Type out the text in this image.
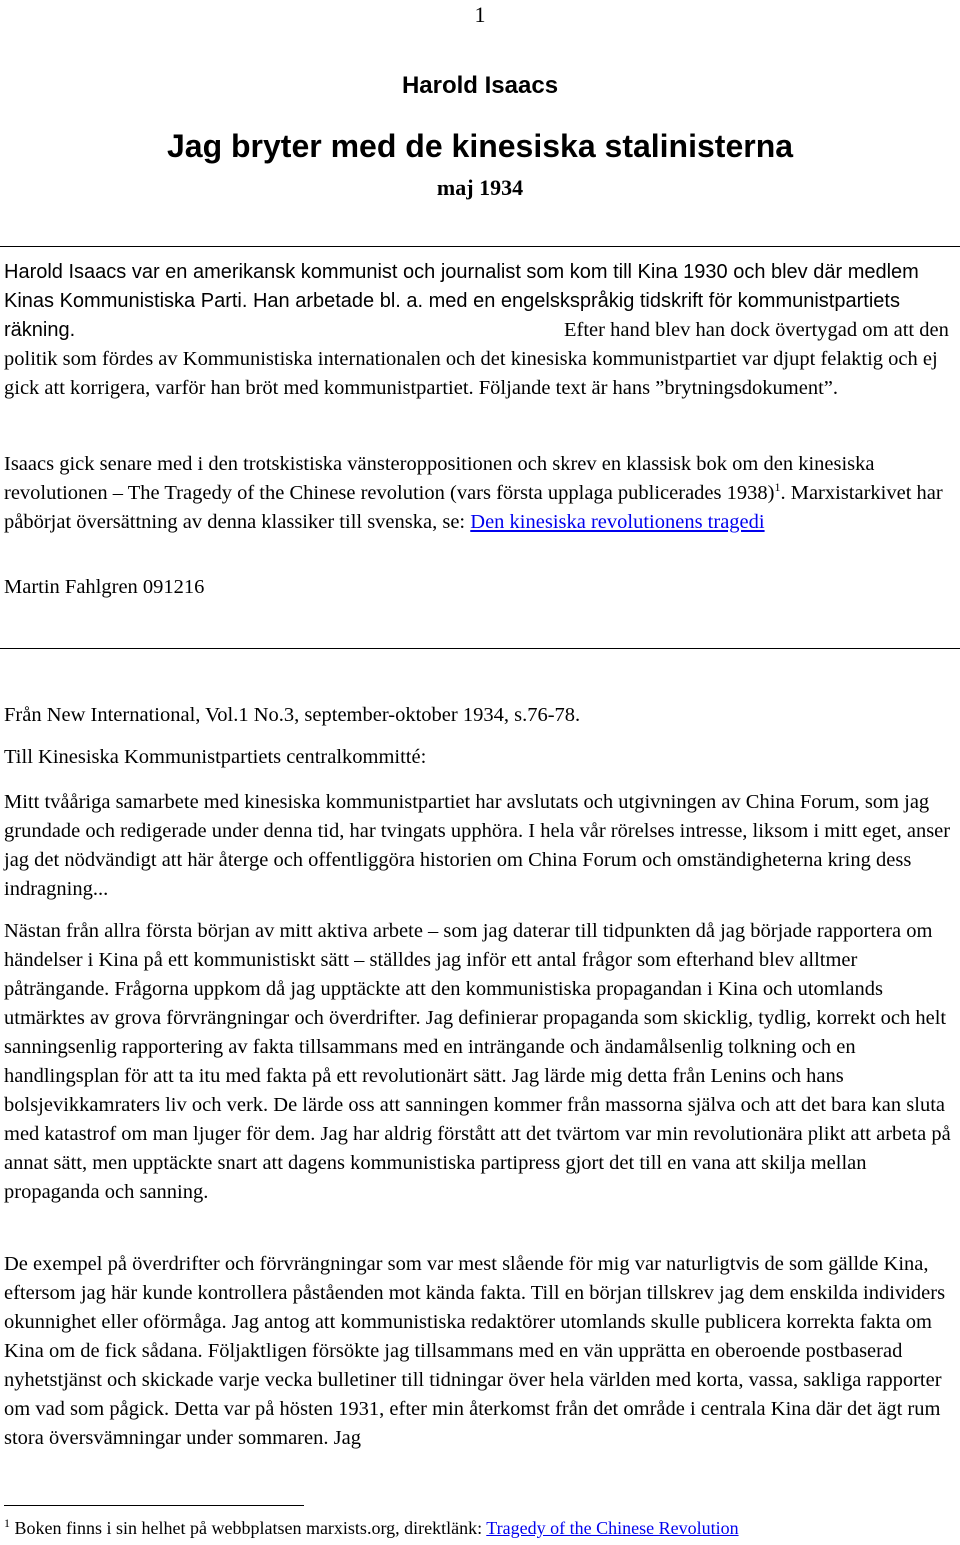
1
Harold Isaacs
Jag bryter med de kinesiska stalinisterna
maj 1934

Harold Isaacs var en amerikansk kommunist och journalist som kom till Kina 1930 och blev där medlem Kinas Kommunistiska Parti. Han arbetade bl. a. med en engelskspråkig tidskrift för kommunistpartiets räkning.	Efter hand blev han dock övertygad om att den politik som fördes av Kommunistiska internationalen och det kinesiska kommunistpartiet var djupt felaktig och ej gick att korrigera, varför han bröt med kommunistpartiet. Följande text är hans ”brytningsdokument”.

Isaacs gick senare med i den trotskistiska vänsteroppositionen och skrev en klassisk bok om den kinesiska revolutionen – The Tragedy of the Chinese revolution (vars första upplaga publicerades 1938)$^1$. Marxistarkivet har påbörjat översättning av denna klassiker till svenska, se: Den kinesiska revolutionens tragedi

Martin Fahlgren 091216
Från New International, Vol.1 No.3, september-oktober 1934, s.76-78.
Till Kinesiska Kommunistpartiets centralkommitté:

Mitt tvååriga samarbete med kinesiska kommunistpartiet har avslutats och utgivningen av China Forum, som jag grundade och redigerade under denna tid, har tvingats upphöra. I hela vår rörelses intresse, liksom i mitt eget, anser jag det nödvändigt att här återge och offentliggöra historien om China Forum och omständigheterna kring dess indragning...

Nästan från allra första början av mitt aktiva arbete – som jag daterar till tidpunkten då jag började rapportera om händelser i Kina på ett kommunistiskt sätt – ställdes jag inför ett antal frågor som efterhand blev alltmer påträngande. Frågorna uppkom då jag upptäckte att den kommunistiska propagandan i Kina och utomlands utmärktes av grova förvrängningar och överdrifter. Jag definierar propaganda som skicklig, tydlig, korrekt och helt sanningsenlig rapportering av fakta tillsammans med en inträngande och ändamålsenlig tolkning och en handlingsplan för att ta itu med fakta på ett revolutionärt sätt. Jag lärde mig detta från Lenins och hans bolsjevikkamraters liv och verk. De lärde oss att sanningen kommer från massorna själva och att det bara kan sluta med katastrof om man ljuger för dem. Jag har aldrig förstått att det tvärtom var min revolutionära plikt att arbeta på annat sätt, men upptäckte snart att dagens kommunistiska partipress gjort det till en vana att skilja mellan propaganda och sanning.

De exempel på överdrifter och förvrängningar som var mest slående för mig var naturligtvis de som gällde Kina, eftersom jag här kunde kontrollera påståenden mot kända fakta. Till en början tillskrev jag dem enskilda individers okunnighet eller oförmåga. Jag antog att kommunistiska redaktörer utomlands skulle publicera korrekta fakta om Kina om de fick sådana. Följaktligen försökte jag tillsammans med en vän upprätta en oberoende postbaserad nyhetstjänst och skickade varje vecka bulletiner till tidningar över hela världen med korta, vassa, sakliga rapporter om vad som pågick. Detta var på hösten 1931, efter min återkomst från det område i centrala Kina där det ägt rum stora översvämningar under sommaren. Jag

$^1$ Boken finns i sin helhet på webbplatsen marxists.org, direktlänk: Tragedy of the Chinese Revolution
